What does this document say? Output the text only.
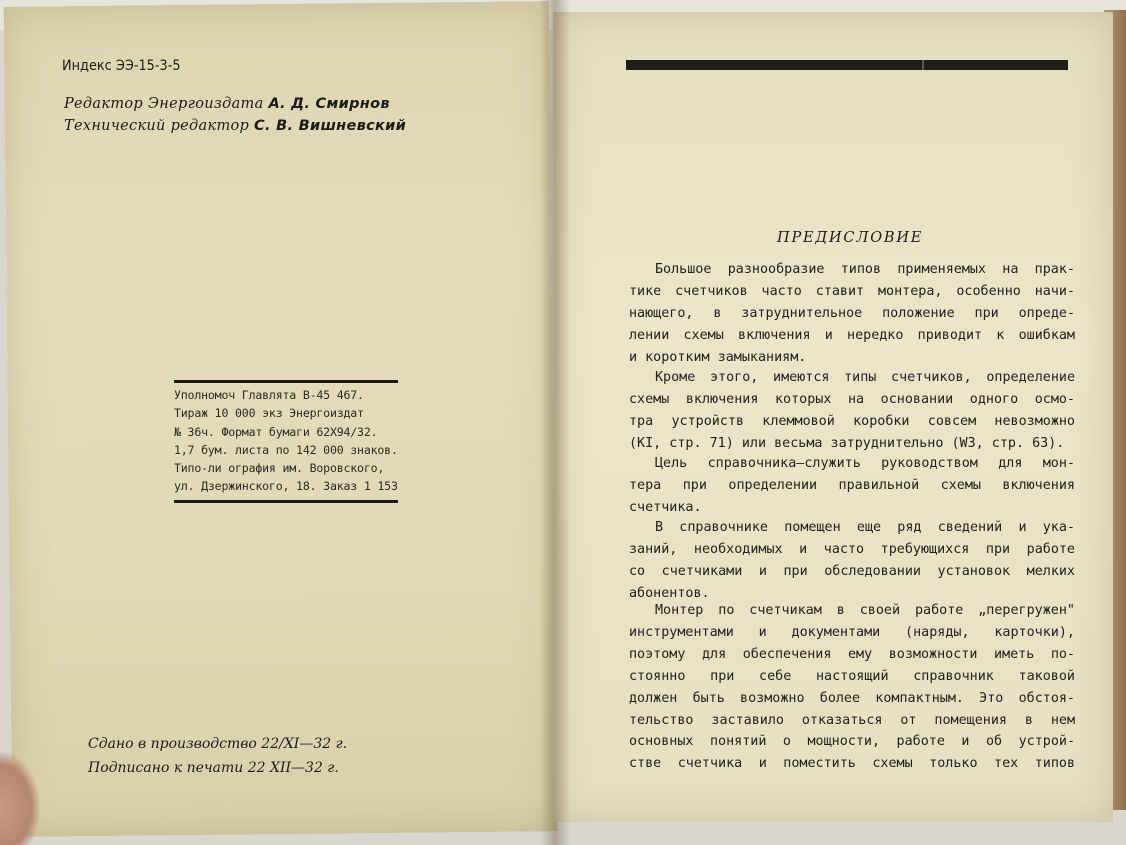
Индекс ЭЭ-15-3-5
Редактор Энергоиздата А. Д. Смирнов
Технический редактор С. В. Вишневский
Уполномоч Главлята В-45 467.
Тираж 10 000 экз Энергоиздат
№ 36ч. Формат бумаги 62X94/32.
1,7 бум. листа по 142 000 знаков.
Типо-ли ография им. Воровского,
ул. Дзержинского, 18. Заказ 1 153
Сдано в производство 22/XI—32 г.
Подписано к печати 22 XII—32 г.
ПРЕДИСЛОВИЕ
Большое разнообразие типов применяемых на прак-
тике счетчиков часто ставит монтера, особенно начи-
нающего, в затруднительное положение при опреде-
лении схемы включения и нередко приводит к ошибкам
и коротким замыканиям.
Кроме этого, имеются типы счетчиков, определение
схемы включения которых на основании одного осмо-
тра устройств клеммовой коробки совсем невозможно
(KI, стр. 71) или весьма затруднительно (W3, стр. 63).
Цель справочника—служить руководством для мон-
тера при определении правильной схемы включения
счетчика.
В справочнике помещен еще ряд сведений и ука-
заний, необходимых и часто требующихся при работе
со счетчиками и при обследовании установок мелких
абонентов.
Монтер по счетчикам в своей работе „перегружен"
инструментами и документами (наряды, карточки),
поэтому для обеспечения ему возможности иметь по-
стоянно при себе настоящий справочник таковой
должен быть возможно более компактным. Это обстоя-
тельство заставило отказаться от помещения в нем
основных понятий о мощности, работе и об устрой-
стве счетчика и поместить схемы только тех типов
